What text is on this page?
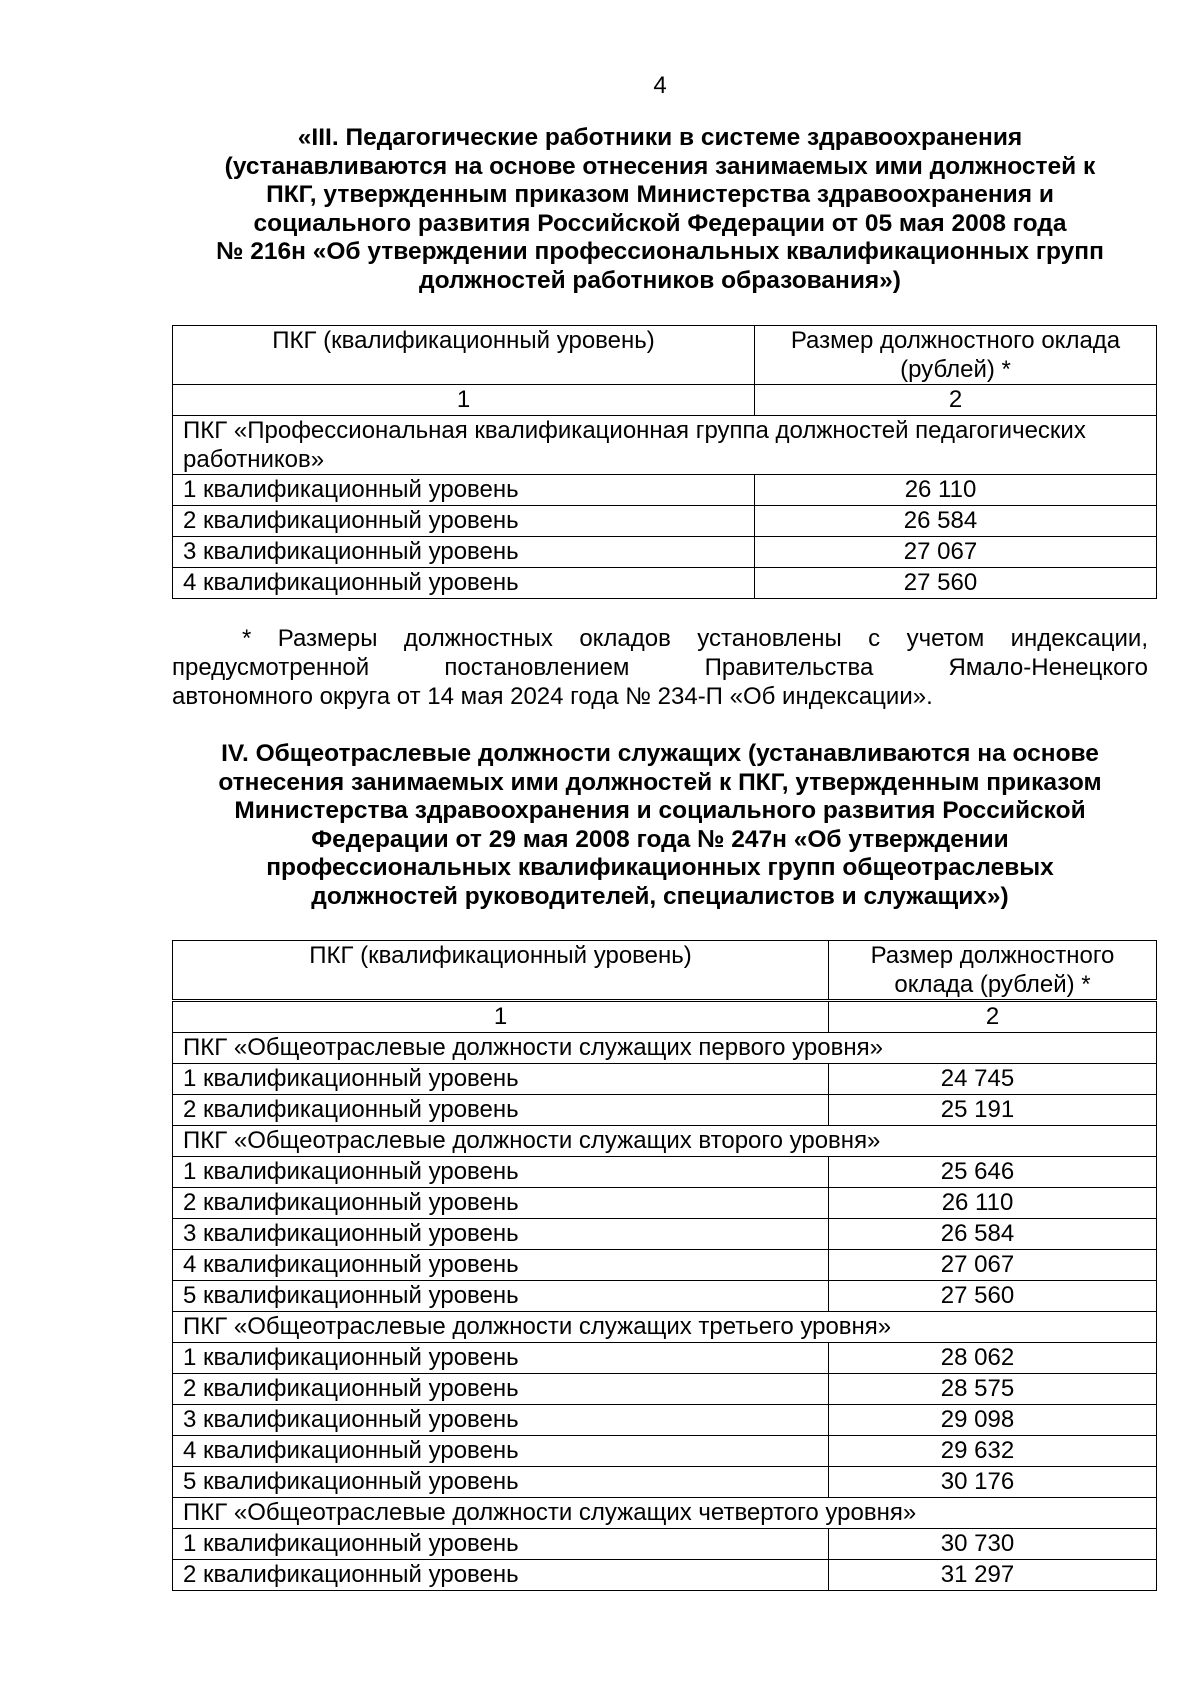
4
«III. Педагогические работники в системе здравоохранения
(устанавливаются на основе отнесения занимаемых ими должностей к
ПКГ, утвержденным приказом Министерства здравоохранения и
социального развития Российской Федерации от 05 мая 2008 года
№ 216н «Об утверждении профессиональных квалификационных групп
должностей работников образования»)
ПКГ (квалификационный уровень)	Размер должностного оклада (рублей) *
1	2
ПКГ «Профессиональная квалификационная группа должностей педагогических работников»	
1 квалификационный уровень	26 110
2 квалификационный уровень	26 584
3 квалификационный уровень	27 067
4 квалификационный уровень	27 560
* Размеры должностных окладов установлены с учетом индексации,
предусмотренной постановлением Правительства Ямало-Ненецкого
автономного округа от 14 мая 2024 года № 234-П «Об индексации».
IV. Общеотраслевые должности служащих (устанавливаются на основе
отнесения занимаемых ими должностей к ПКГ, утвержденным приказом
Министерства здравоохранения и социального развития Российской
Федерации от 29 мая 2008 года № 247н «Об утверждении
профессиональных квалификационных групп общеотраслевых
должностей руководителей, специалистов и служащих»)
ПКГ (квалификационный уровень)	Размер должностного
оклада (рублей) *

1	2
ПКГ «Общеотраслевые должности служащих первого уровня»	
1 квалификационный уровень	24 745
2 квалификационный уровень	25 191
ПКГ «Общеотраслевые должности служащих второго уровня»	
1 квалификационный уровень	25 646
2 квалификационный уровень	26 110
3 квалификационный уровень	26 584
4 квалификационный уровень	27 067
5 квалификационный уровень	27 560
ПКГ «Общеотраслевые должности служащих третьего уровня»	
1 квалификационный уровень	28 062
2 квалификационный уровень	28 575
3 квалификационный уровень	29 098
4 квалификационный уровень	29 632
5 квалификационный уровень	30 176
ПКГ «Общеотраслевые должности служащих четвертого уровня»	
1 квалификационный уровень	30 730
2 квалификационный уровень	31 297
